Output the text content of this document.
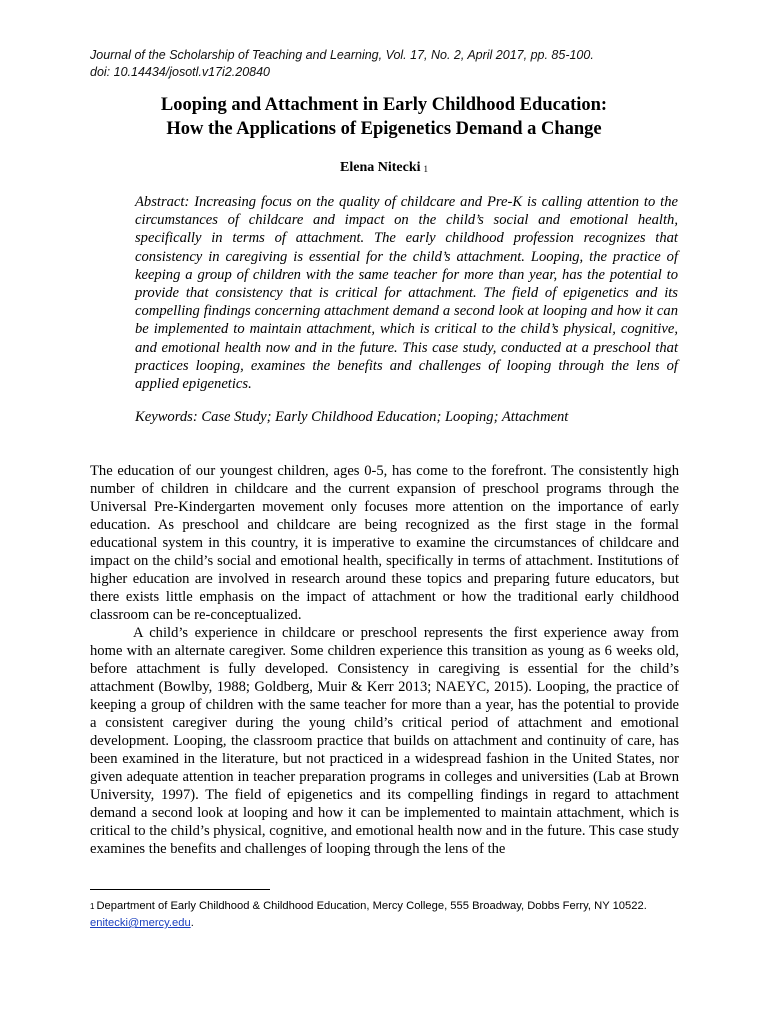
Journal of the Scholarship of Teaching and Learning, Vol. 17, No. 2, April 2017, pp. 85-100.
doi: 10.14434/josotl.v17i2.20840
Looping and Attachment in Early Childhood Education:
How the Applications of Epigenetics Demand a Change
Elena Nitecki $^1$
Abstract: Increasing focus on the quality of childcare and Pre-K is calling attention to the circumstances of childcare and impact on the child’s social and emotional health, specifically in terms of attachment. The early childhood profession recognizes that consistency in caregiving is essential for the child’s attachment. Looping, the practice of keeping a group of children with the same teacher for more than year, has the potential to provide that consistency that is critical for attachment. The field of epigenetics and its compelling findings concerning attachment demand a second look at looping and how it can be implemented to maintain attachment, which is critical to the child’s physical, cognitive, and emotional health now and in the future. This case study, conducted at a preschool that practices looping, examines the benefits and challenges of looping through the lens of applied epigenetics.
Keywords: Case Study; Early Childhood Education; Looping; Attachment

The education of our youngest children, ages 0-5, has come to the forefront. The consistently high number of children in childcare and the current expansion of preschool programs through the Universal Pre-Kindergarten movement only focuses more attention on the importance of early education. As preschool and childcare are being recognized as the first stage in the formal educational system in this country, it is imperative to examine the circumstances of childcare and impact on the child’s social and emotional health, specifically in terms of attachment. Institutions of higher education are involved in research around these topics and preparing future educators, but there exists little emphasis on the impact of attachment or how the traditional early childhood classroom can be re-conceptualized.

A child’s experience in childcare or preschool represents the first experience away from home with an alternate caregiver. Some children experience this transition as young as 6 weeks old, before attachment is fully developed. Consistency in caregiving is essential for the child’s attachment (Bowlby, 1988; Goldberg, Muir & Kerr 2013; NAEYC, 2015). Looping, the practice of keeping a group of children with the same teacher for more than a year, has the potential to provide a consistent caregiver during the young child’s critical period of attachment and emotional development. Looping, the classroom practice that builds on attachment and continuity of care, has been examined in the literature, but not practiced in a widespread fashion in the United States, nor given adequate attention in teacher preparation programs in colleges and universities (Lab at Brown University, 1997). The field of epigenetics and its compelling findings in regard to attachment demand a second look at looping and how it can be implemented to maintain attachment, which is critical to the child’s physical, cognitive, and emotional health now and in the future. This case study examines the benefits and challenges of looping through the lens of the

1 Department of Early Childhood & Childhood Education, Mercy College, 555 Broadway, Dobbs Ferry, NY 10522.
enitecki@mercy.edu.
